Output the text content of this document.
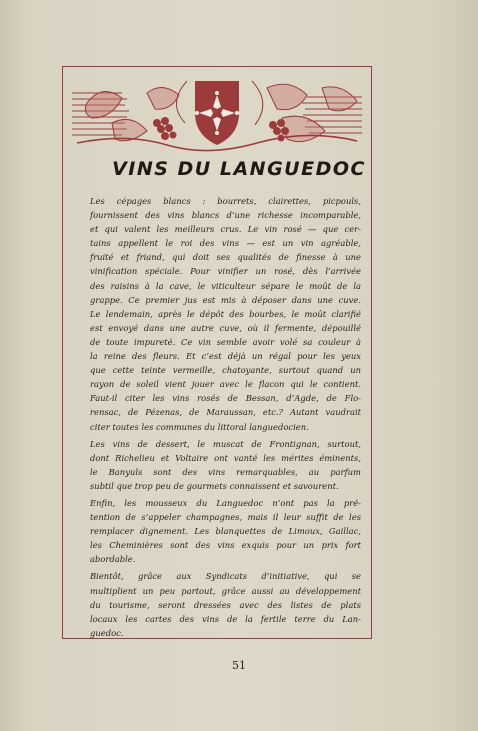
VINS DU LANGUEDOC

Les cépages blancs : bourrets, clairettes, picpouls,
fournissent des vins blancs d’une richesse incomparable,
et qui valent les meilleurs crus. Le vin rosé — que cer-
tains appellent le roi des vins — est un vin agréable,
fruité et friand, qui doit ses qualités de finesse à une
vinification spéciale. Pour vinifier un rosé, dès l’arrivée
des raisins à la cave, le viticulteur sépare le moût de la
grappe. Ce premier jus est mis à déposer dans une cuve.
Le lendemain, après le dépôt des bourbes, le moût clarifié
est envoyé dans une autre cuve, où il fermente, dépouillé
de toute impureté. Ce vin semble avoir volé sa couleur à
la reine des fleurs. Et c’est déjà un régal pour les yeux
que cette teinte vermeille, chatoyante, surtout quand un
rayon de soleil vient jouer avec le flacon qui le contient.
Faut-il citer les vins rosés de Bessan, d’Agde, de Flo-
rensac, de Pézenas, de Maraussan, etc.? Autant vaudrait
citer toutes les communes du littoral languedocien.

Les vins de dessert, le muscat de Frontignan, surtout,
dont Richelieu et Voltaire ont vanté les mérites éminents,
le Banyuls sont des vins remarquables, au parfum
subtil que trop peu de gourmets connaissent et savourent.

Enfin, les mousseux du Languedoc n’ont pas la pré-
tention de s’appeler champagnes, mais il leur suffit de les
remplacer dignement. Les blanquettes de Limoux, Gaillac,
les Cheminières sont des vins exquis pour un prix fort
abordable.

Bientôt, grâce aux Syndicats d’initiative, qui se
multiplient un peu partout, grâce aussi au développement
du tourisme, seront dressées avec des listes de plats
locaux les cartes des vins de la fertile terre du Lan-
guedoc.

51
